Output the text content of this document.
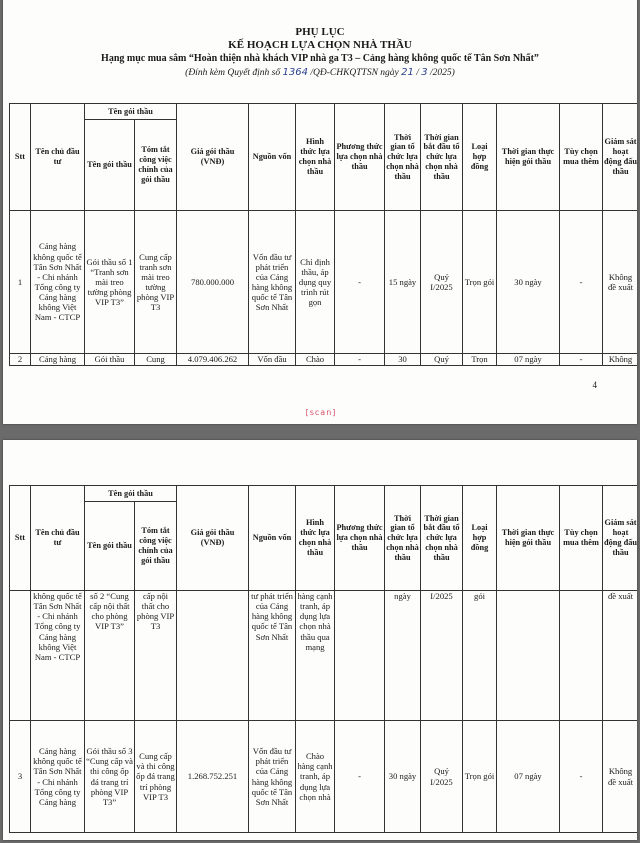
PHỤ LỤC
KẾ HOẠCH LỰA CHỌN NHÀ THẦU
Hạng mục mua sắm “Hoàn thiện nhà khách VIP nhà ga T3 – Cảng hàng không quốc tế Tân Sơn Nhất”
(Đính kèm Quyết định số 1364 /QĐ-CHKQTTSN ngày 21 / 3 /2025)
Stt	Tên chủ đầu tư	Tên gói thầu		Giá gói thầu (VNĐ)	Nguồn vốn	Hình thức lựa chọn nhà thầu	Phương thức lựa chọn nhà thầu	Thời gian tổ chức lựa chọn nhà thầu	Thời gian bắt đầu tổ chức lựa chọn nhà thầu	Loại hợp đồng	Thời gian thực hiện gói thầu	Tùy chọn mua thêm	Giám sát hoạt động đấu thầu
		Tên gói thầu	Tóm tắt công việc chính của gói thầu										
1	Cảng hàng không quốc tế Tân Sơn Nhất - Chi nhánh Tổng công ty Cảng hàng không Việt Nam - CTCP	Gói thầu số 1 “Tranh sơn mài treo tường phòng VIP T3”	Cung cấp tranh sơn mài treo tường phòng VIP T3	780.000.000	Vốn đầu tư phát triển của Cảng hàng không quốc tế Tân Sơn Nhất	Chỉ định thầu, áp dụng quy trình rút gọn	-	15 ngày	Quý I/2025	Trọn gói	30 ngày	-	Không đề xuất
2	Cảng hàng	Gói thầu	Cung	4.079.406.262	Vốn đầu	Chào	-	30	Quý	Trọn	07 ngày	-	Không
4
[scan]
Stt	Tên chủ đầu tư	Tên gói thầu		Giá gói thầu (VNĐ)	Nguồn vốn	Hình thức lựa chọn nhà thầu	Phương thức lựa chọn nhà thầu	Thời gian tổ chức lựa chọn nhà thầu	Thời gian bắt đầu tổ chức lựa chọn nhà thầu	Loại hợp đồng	Thời gian thực hiện gói thầu	Tùy chọn mua thêm	Giám sát hoạt động đấu thầu
		Tên gói thầu	Tóm tắt công việc chính của gói thầu										
	không quốc tế Tân Sơn Nhất - Chi nhánh Tổng công ty Cảng hàng không Việt Nam - CTCP	số 2 “Cung cấp nội thất cho phòng VIP T3”	cấp nội thất cho phòng VIP T3		tư phát triển của Cảng hàng không quốc tế Tân Sơn Nhất	hàng cạnh tranh, áp dụng lựa chọn nhà thầu qua mạng		ngày	I/2025	gói			đề xuất
3	Cảng hàng không quốc tế Tân Sơn Nhất - Chi nhánh Tổng công ty Cảng hàng	Gói thầu số 3 “Cung cấp và thi công ốp đá trang trí phòng VIP T3”	Cung cấp và thi công ốp đá trang trí phòng VIP T3	1.268.752.251	Vốn đầu tư phát triển của Cảng hàng không quốc tế Tân Sơn Nhất	Chào hàng cạnh tranh, áp dụng lựa chọn nhà	-	30 ngày	Quý I/2025	Trọn gói	07 ngày	-	Không đề xuất
